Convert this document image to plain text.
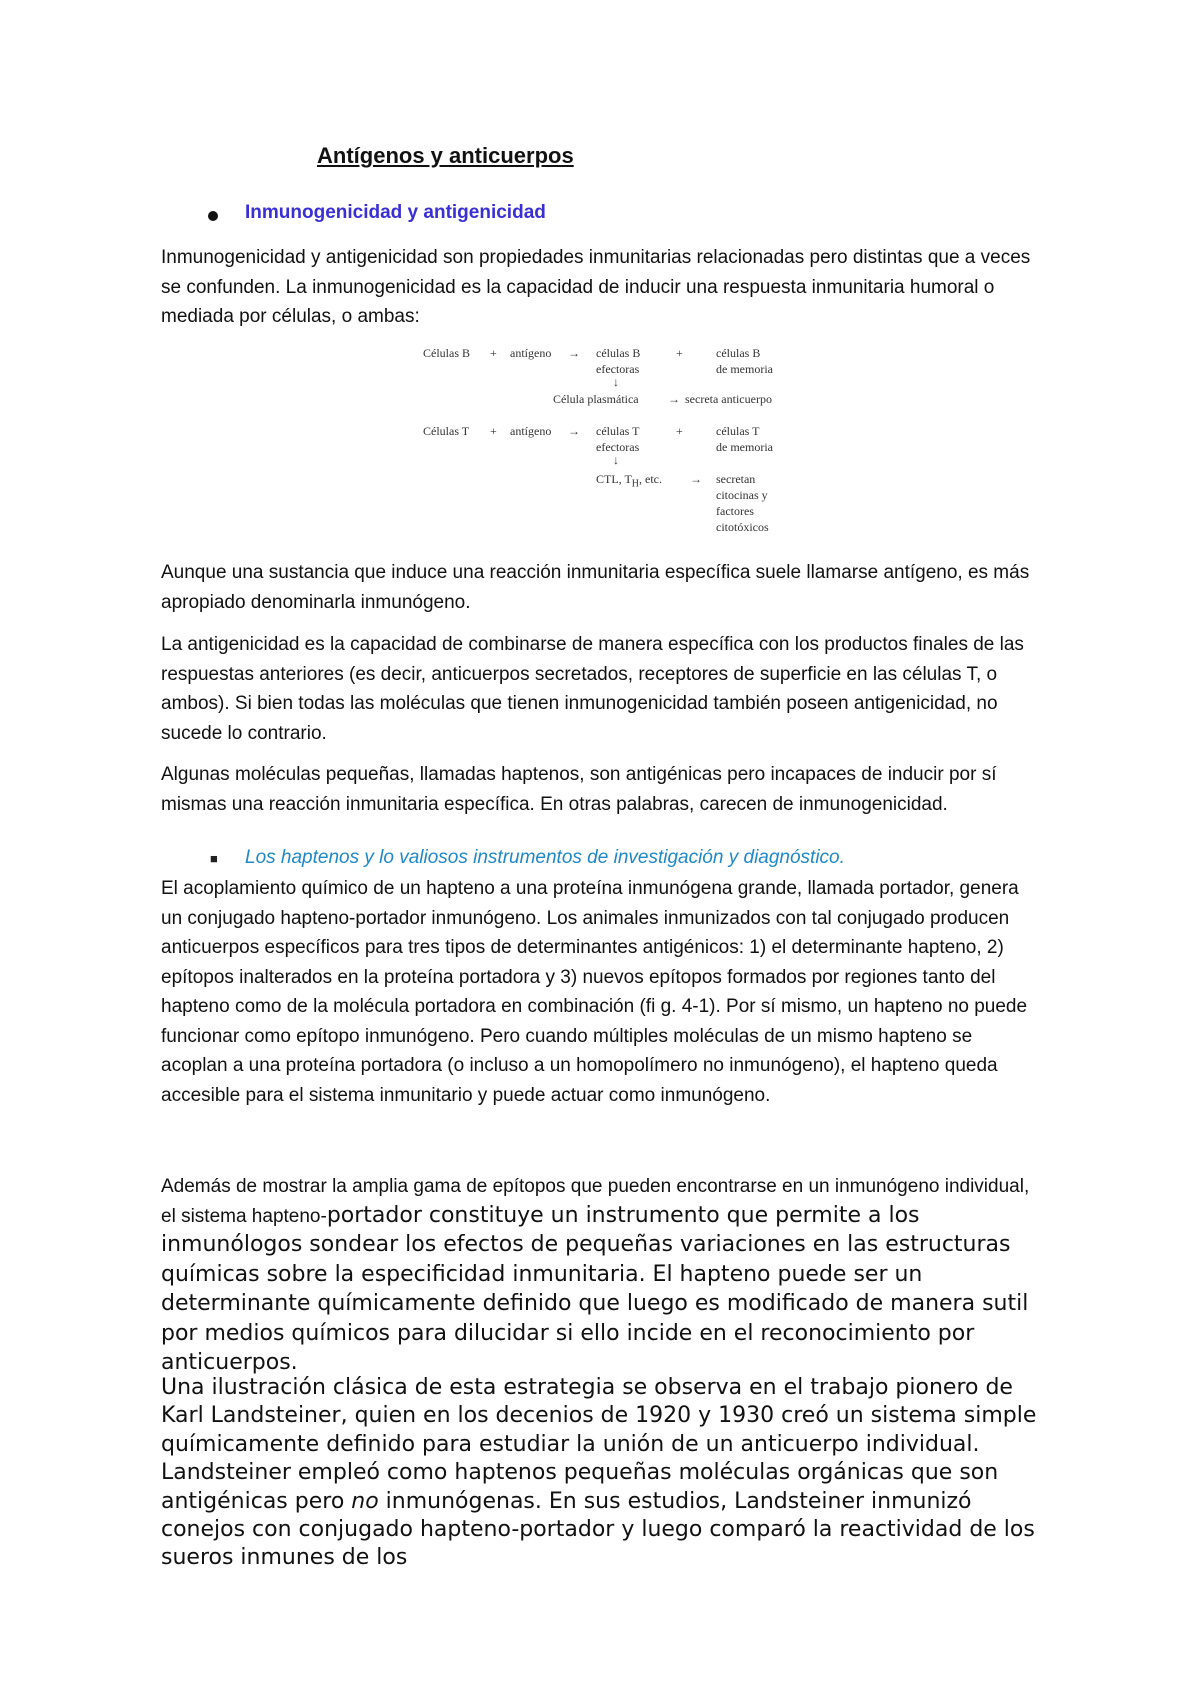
Antígenos y anticuerpos
Inmunogenicidad y antigenicidad

Inmunogenicidad y antigenicidad son propiedades inmunitarias relacionadas pero distintas que a veces se confunden. La inmunogenicidad es la capacidad de inducir una respuesta inmunitaria humoral o mediada por células, o ambas:

Aunque una sustancia que induce una reacción inmunitaria específica suele llamarse antígeno, es más apropiado denominarla inmunógeno.

La antigenicidad es la capacidad de combinarse de manera específica con los productos finales de las respuestas anteriores (es decir, anticuerpos secretados, receptores de superficie en las células T, o ambos). Si bien todas las moléculas que tienen inmunogenicidad también poseen antigenicidad, no sucede lo contrario.

Algunas moléculas pequeñas, llamadas haptenos, son antigénicas pero incapaces de inducir por sí mismas una reacción inmunitaria específica. En otras palabras, carecen de inmunogenicidad.

■ Los haptenos y lo valiosos instrumentos de investigación y diagnóstico.

El acoplamiento químico de un hapteno a una proteína inmunógena grande, llamada portador, genera un conjugado hapteno-portador inmunógeno. Los animales inmunizados con tal conjugado producen anticuerpos específicos para tres tipos de determinantes antigénicos: 1) el determinante hapteno, 2) epítopos inalterados en la proteína portadora y 3) nuevos epítopos formados por regiones tanto del hapteno como de la molécula portadora en combinación (fi g. 4-1). Por sí mismo, un hapteno no puede funcionar como epítopo inmunógeno. Pero cuando múltiples moléculas de un mismo hapteno se acoplan a una proteína portadora (o incluso a un homopolímero no inmunógeno), el hapteno queda accesible para el sistema inmunitario y puede actuar como inmunógeno.

Además de mostrar la amplia gama de epítopos que pueden encontrarse en un inmunógeno individual, el sistema hapteno-portador constituye un instrumento que permite a los inmunólogos sondear los efectos de pequeñas variaciones en las estructuras químicas sobre la especificidad inmunitaria. El hapteno puede ser un determinante químicamente definido que luego es modificado de manera sutil por medios químicos para dilucidar si ello incide en el reconocimiento por anticuerpos.

Una ilustración clásica de esta estrategia se observa en el trabajo pionero de Karl Landsteiner, quien en los decenios de 1920 y 1930 creó un sistema simple químicamente definido para estudiar la unión de un anticuerpo individual. Landsteiner empleó como haptenos pequeñas moléculas orgánicas que son antigénicas pero no inmunógenas. En sus estudios, Landsteiner inmunizó conejos con conjugado hapteno-portador y luego comparó la reactividad de los sueros inmunes de los

Células B + antígeno → células B
efectoras
+	células B
de memoria
↓
Célula plasmática → secreta anticuerpo
Células T + antígeno → células T
efectoras
+	células T
de memoria
↓
CTL, $T_H$, etc. → secretan
citocinas y
factores
citotóxicos
